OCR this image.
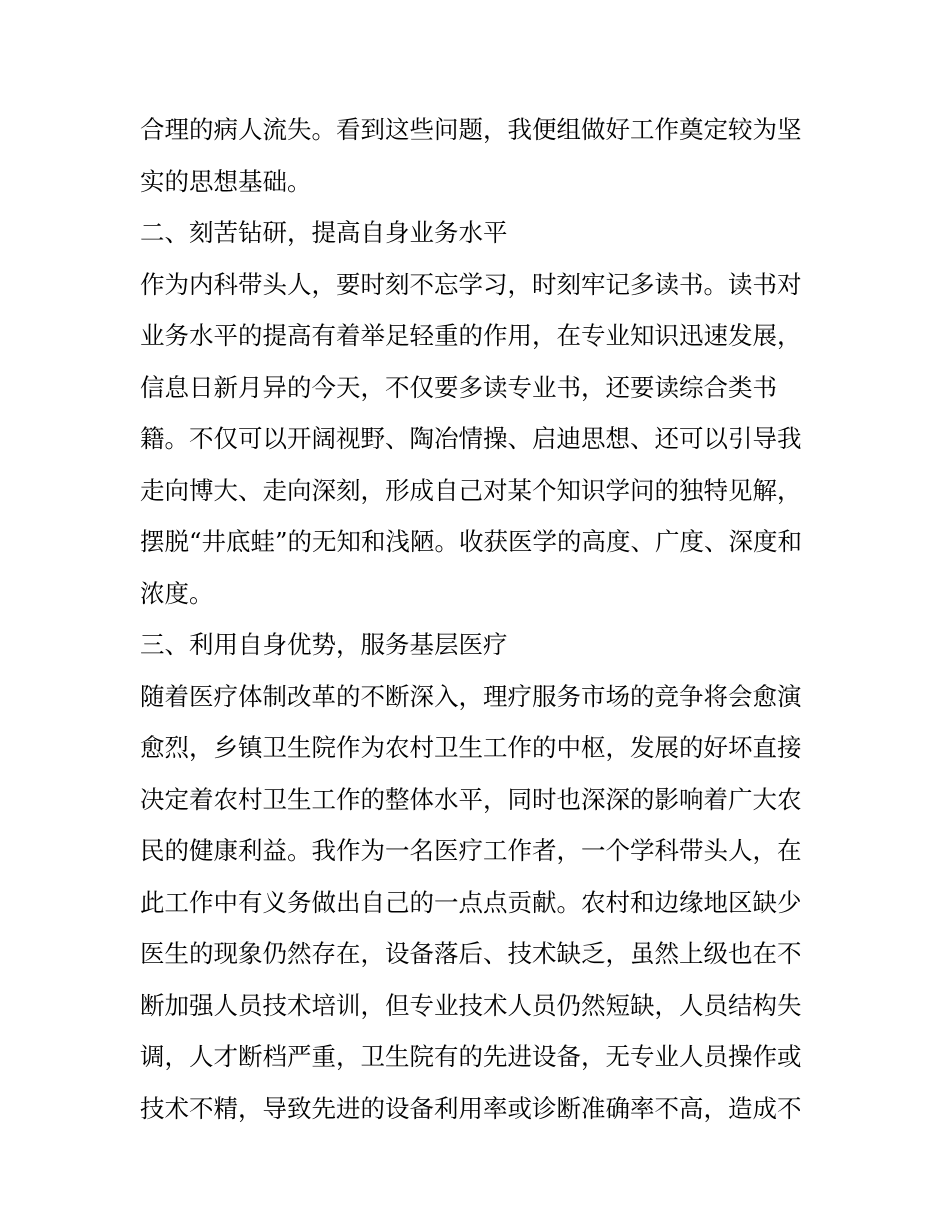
合理的病人流失。看到这些问题，我便组做好工作奠定较为坚
实的思想基础。
二、刻苦钻研，提高自身业务水平
作为内科带头人，要时刻不忘学习，时刻牢记多读书。读书对
业务水平的提高有着举足轻重的作用，在专业知识迅速发展，
信息日新月异的今天，不仅要多读专业书，还要读综合类书
籍。不仅可以开阔视野、陶冶情操、启迪思想、还可以引导我
走向博大、走向深刻，形成自己对某个知识学问的独特见解，
摆脱“井底蛙”的无知和浅陋。收获医学的高度、广度、深度和
浓度。
三、利用自身优势，服务基层医疗
随着医疗体制改革的不断深入，理疗服务市场的竞争将会愈演
愈烈，乡镇卫生院作为农村卫生工作的中枢，发展的好坏直接
决定着农村卫生工作的整体水平，同时也深深的影响着广大农
民的健康利益。我作为一名医疗工作者，一个学科带头人，在
此工作中有义务做出自己的一点点贡献。农村和边缘地区缺少
医生的现象仍然存在，设备落后、技术缺乏，虽然上级也在不
断加强人员技术培训，但专业技术人员仍然短缺，人员结构失
调，人才断档严重，卫生院有的先进设备，无专业人员操作或
技术不精，导致先进的设备利用率或诊断准确率不高，造成不
